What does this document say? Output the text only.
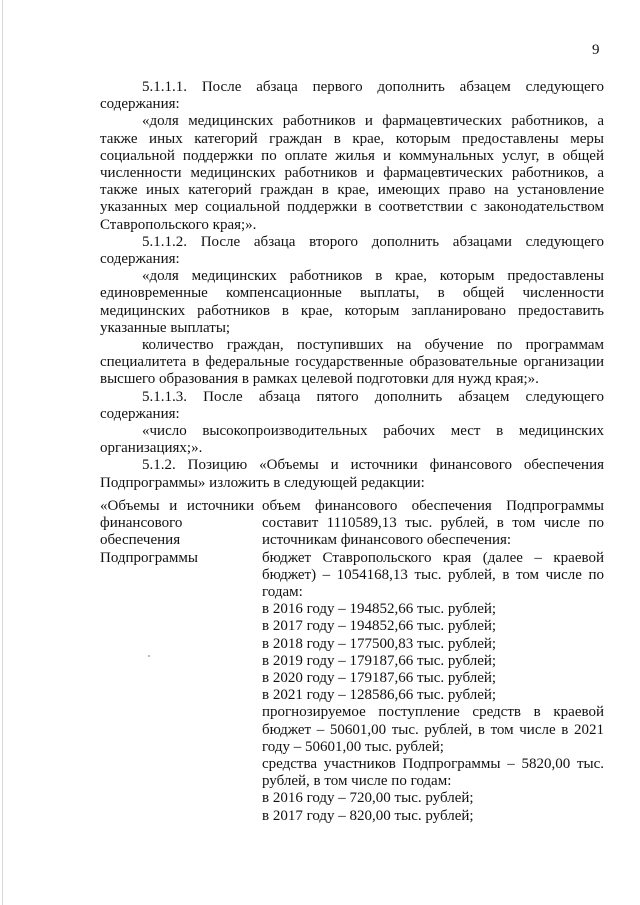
9

5.1.1.1. После абзаца первого дополнить абзацем следующего содержания:

«доля медицинских работников и фармацевтических работников, а также иных категорий граждан в крае, которым предоставлены меры социальной поддержки по оплате жилья и коммунальных услуг, в общей численности медицинских работников и фармацевтических работников, а также иных категорий граждан в крае, имеющих право на установление указанных мер социальной поддержки в соответствии с законодательством Ставропольского края;».

5.1.1.2. После абзаца второго дополнить абзацами следующего содержания:

«доля медицинских работников в крае, которым предоставлены единовременные компенсационные выплаты, в общей численности медицинских работников в крае, которым запланировано предоставить указанные выплаты;

количество граждан, поступивших на обучение по программам специалитета в федеральные государственные образовательные организации высшего образования в рамках целевой подготовки для нужд края;».

5.1.1.3. После абзаца пятого дополнить абзацем следующего содержания:

«число высокопроизводительных рабочих мест в медицинских организациях;».

5.1.2. Позицию «Объемы и источники финансового обеспечения Подпрограммы» изложить в следующей редакции:

«Объемы и источники финансового обеспечения Подпрограммы

объем финансового обеспечения Подпрограммы составит 1110589,13 тыс. рублей, в том числе по источникам финансового обеспечения:

бюджет Ставропольского края (далее – краевой бюджет) – 1054168,13 тыс. рублей, в том числе по годам:

в 2016 году – 194852,66 тыс. рублей;

в 2017 году – 194852,66 тыс. рублей;

в 2018 году – 177500,83 тыс. рублей;

в 2019 году – 179187,66 тыс. рублей;

в 2020 году – 179187,66 тыс. рублей;

в 2021 году – 128586,66 тыс. рублей;

прогнозируемое поступление средств в краевой бюджет – 50601,00 тыс. рублей, в том числе в 2021 году – 50601,00 тыс. рублей;

средства участников Подпрограммы – 5820,00 тыс. рублей, в том числе по годам:

в 2016 году – 720,00 тыс. рублей;

в 2017 году – 820,00 тыс. рублей;
